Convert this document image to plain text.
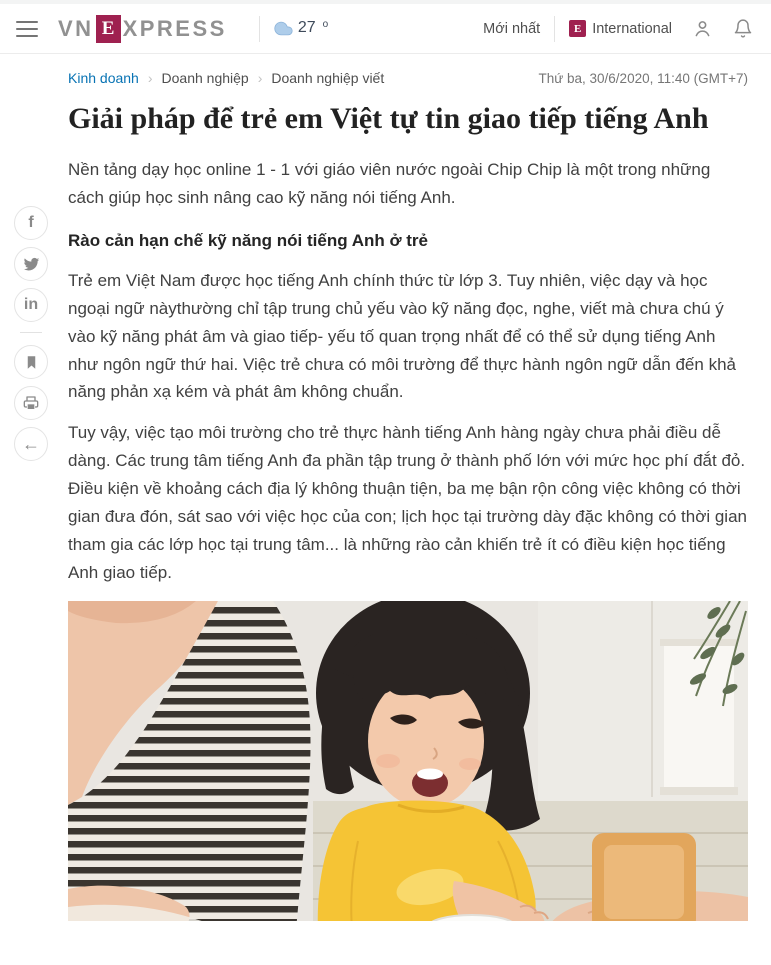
VN E XPRESS	27 $^o$	Mới nhất	E International
f
in
←
Kinh doanh › Doanh nghiệp › Doanh nghiệp viết	Thứ ba, 30/6/2020, 11:40 (GMT+7)
Giải pháp để trẻ em Việt tự tin giao tiếp tiếng Anh

Nền tảng dạy học online 1 - 1 với giáo viên nước ngoài Chip Chip là một trong những cách giúp học sinh nâng cao kỹ năng nói tiếng Anh.

Rào cản hạn chế kỹ năng nói tiếng Anh ở trẻ

Trẻ em Việt Nam được học tiếng Anh chính thức từ lớp 3. Tuy nhiên, việc dạy và học ngoại ngữ nàythường chỉ tập trung chủ yếu vào kỹ năng đọc, nghe, viết mà chưa chú ý vào kỹ năng phát âm và giao tiếp- yếu tố quan trọng nhất để có thể sử dụng tiếng Anh như ngôn ngữ thứ hai. Việc trẻ chưa có môi trường để thực hành ngôn ngữ dẫn đến khả năng phản xạ kém và phát âm không chuẩn.

Tuy vậy, việc tạo môi trường cho trẻ thực hành tiếng Anh hàng ngày chưa phải điều dễ dàng. Các trung tâm tiếng Anh đa phần tập trung ở thành phố lớn với mức học phí đắt đỏ. Điều kiện về khoảng cách địa lý không thuận tiện, ba mẹ bận rộn công việc không có thời gian đưa đón, sát sao với việc học của con; lịch học tại trường dày đặc không có thời gian tham gia các lớp học tại trung tâm... là những rào cản khiến trẻ ít có điều kiện học tiếng Anh giao tiếp.
